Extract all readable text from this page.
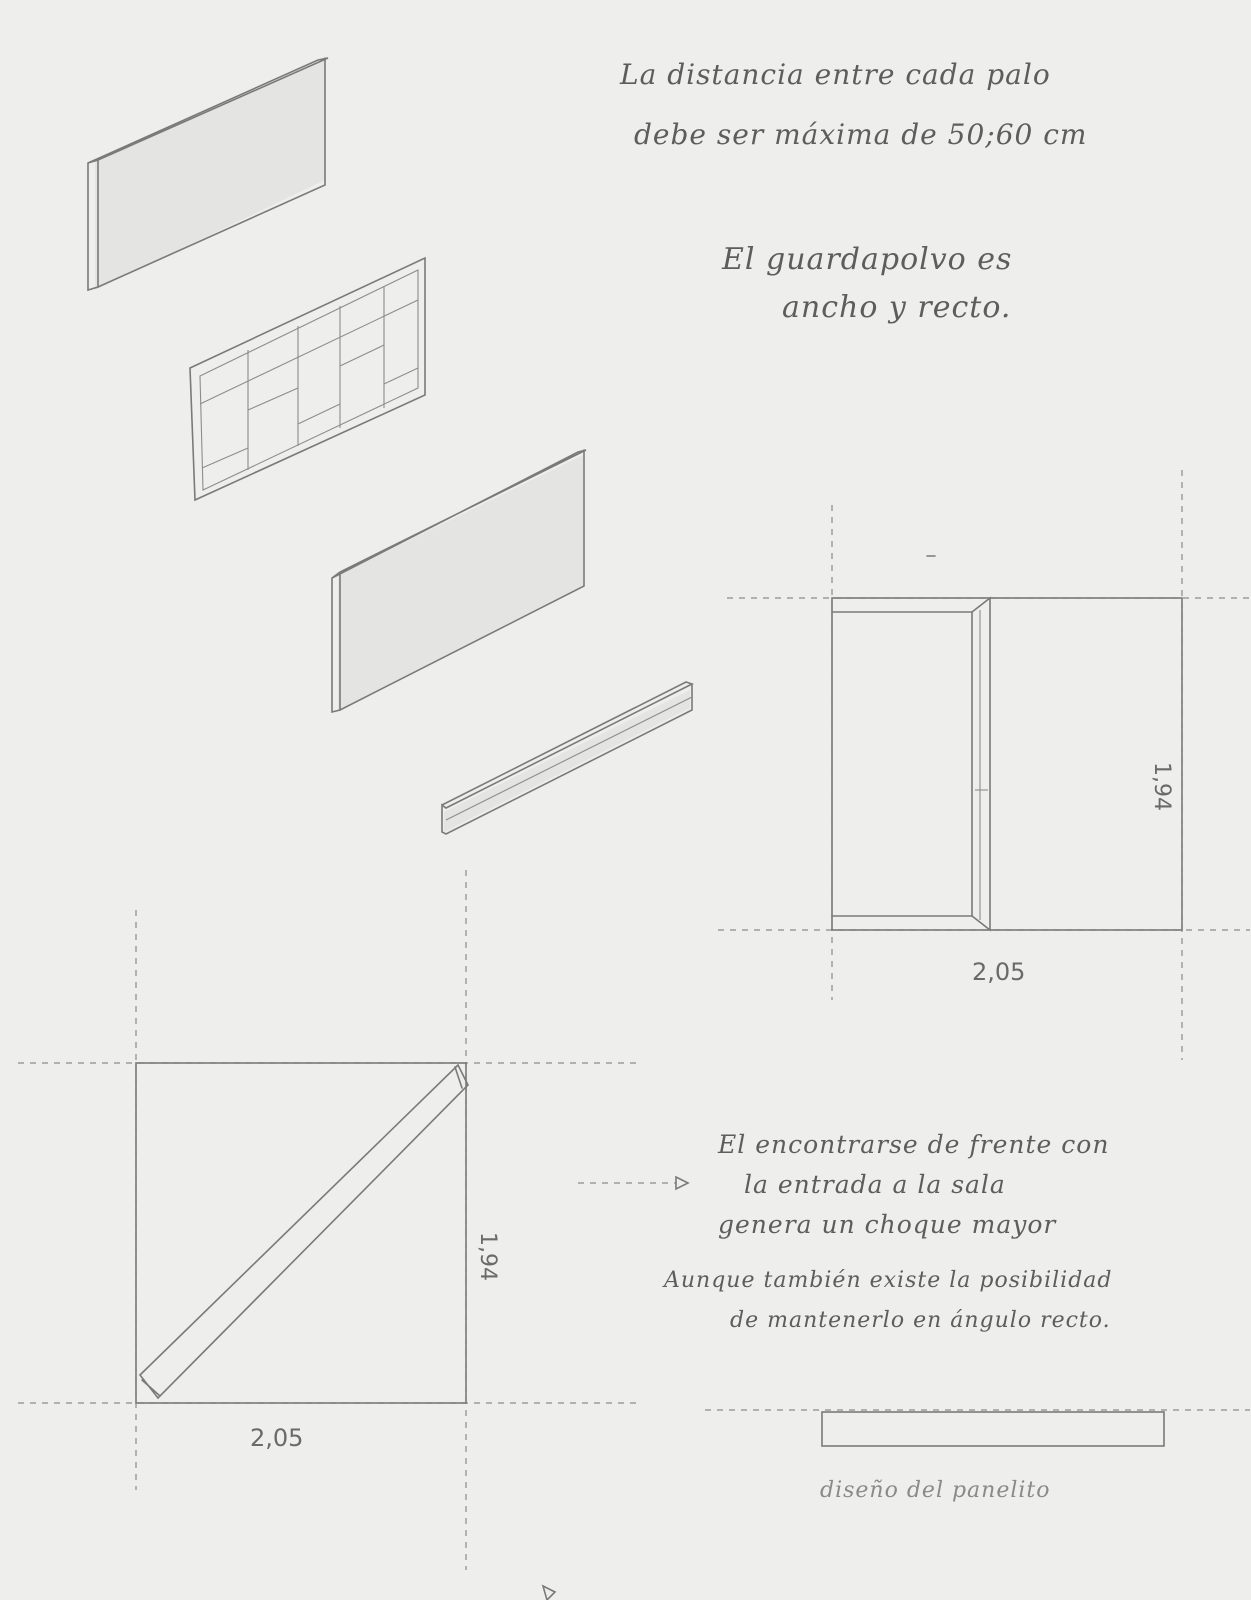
La distancia entre cada palo
debe ser máxima de 50;60 cm
El guardapolvo es
ancho y recto.
El encontrarse de frente con
la entrada a la sala
genera un choque mayor
Aunque también existe la posibilidad
de mantenerlo en ángulo recto.
diseño del panelito
2,05
1,94
2,05
1,94
